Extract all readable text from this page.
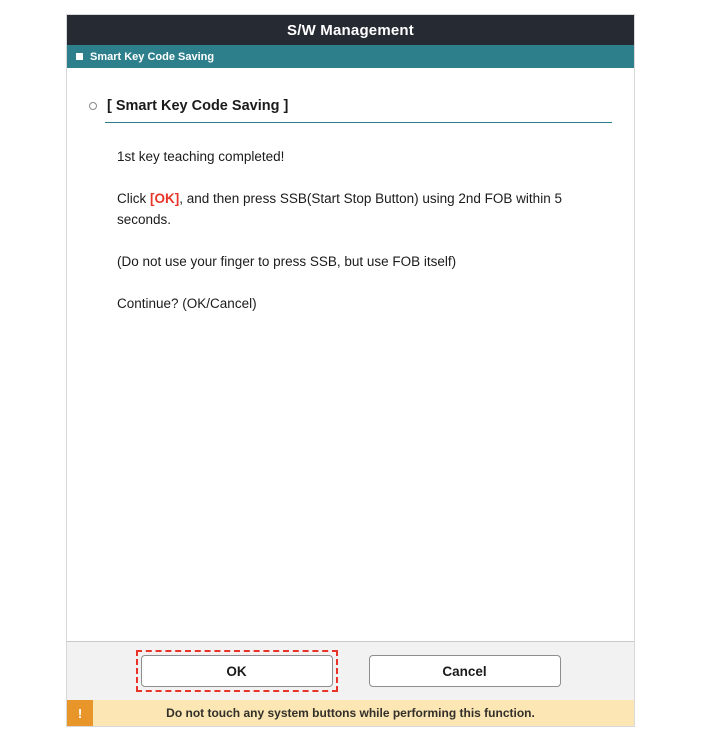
S/W Management
Smart Key Code Saving
[ Smart Key Code Saving ]
1st key teaching completed!
Click [OK], and then press SSB(Start Stop Button) using 2nd FOB within 5 seconds.
(Do not use your finger to press SSB, but use FOB itself)
Continue? (OK/Cancel)
OK	Cancel
!	Do not touch any system buttons while performing this function.
